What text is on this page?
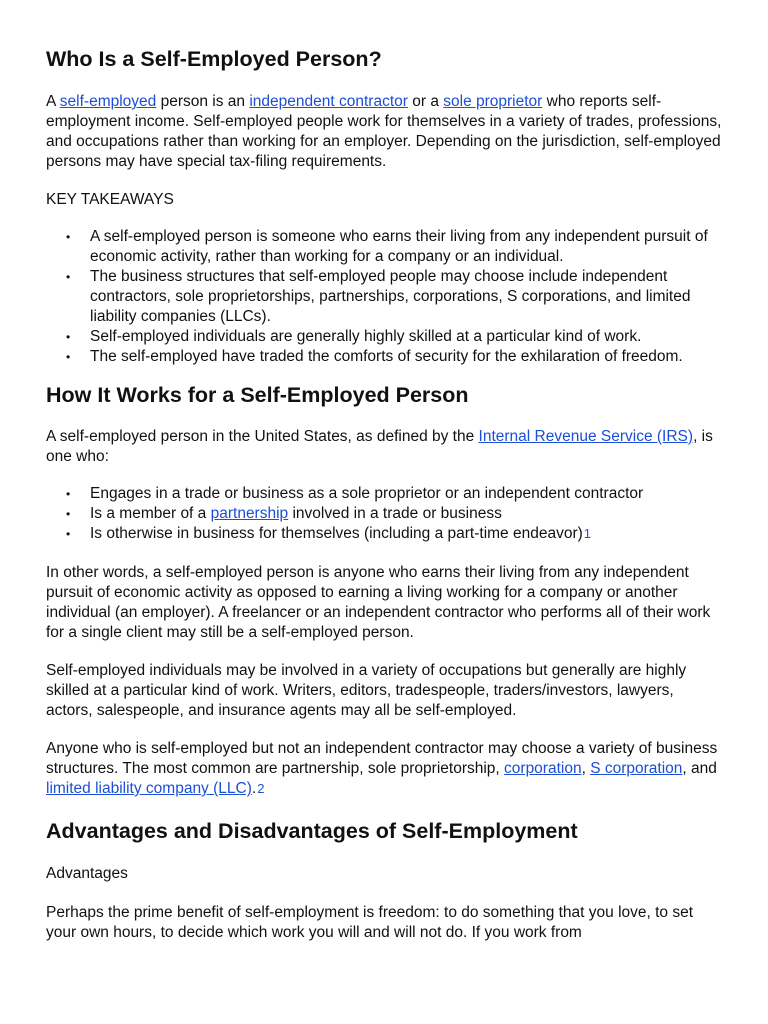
Who Is a Self-Employed Person?

A self-employed person is an independent contractor or a sole proprietor who reports self-employment income. Self-employed people work for themselves in a variety of trades, professions, and occupations rather than working for an employer. Depending on the jurisdiction, self-employed persons may have special tax-filing requirements.

KEY TAKEAWAYS

• A self-employed person is someone who earns their living from any independent pursuit of economic activity, rather than working for a company or an individual.
• The business structures that self-employed people may choose include independent contractors, sole proprietorships, partnerships, corporations, S corporations, and limited liability companies (LLCs).
• Self-employed individuals are generally highly skilled at a particular kind of work.
• The self-employed have traded the comforts of security for the exhilaration of freedom.
How It Works for a Self-Employed Person

A self-employed person in the United States, as defined by the Internal Revenue Service (IRS), is one who:

• Engages in a trade or business as a sole proprietor or an independent contractor
• Is a member of a partnership involved in a trade or business
• Is otherwise in business for themselves (including a part-time endeavor)1

In other words, a self-employed person is anyone who earns their living from any independent pursuit of economic activity as opposed to earning a living working for a company or another individual (an employer). A freelancer or an independent contractor who performs all of their work for a single client may still be a self-employed person.

Self-employed individuals may be involved in a variety of occupations but generally are highly skilled at a particular kind of work. Writers, editors, tradespeople, traders/investors, lawyers, actors, salespeople, and insurance agents may all be self-employed.

Anyone who is self-employed but not an independent contractor may choose a variety of business structures. The most common are partnership, sole proprietorship, corporation, S corporation, and limited liability company (LLC).2

Advantages and Disadvantages of Self-Employment

Advantages

Perhaps the prime benefit of self-employment is freedom: to do something that you love, to set your own hours, to decide which work you will and will not do. If you work from
